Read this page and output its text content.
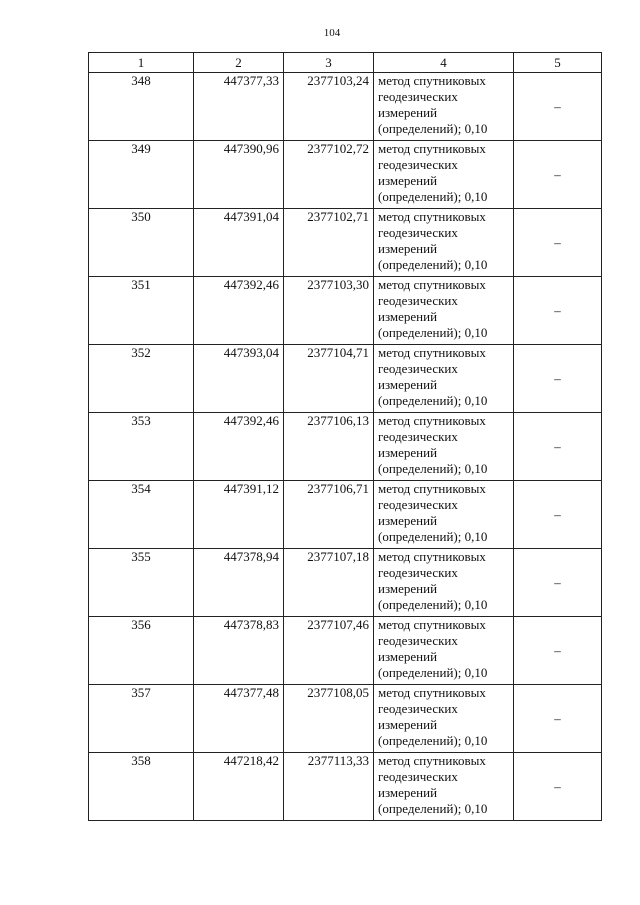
104
1	2	3	4	5
348	447377,33	2377103,24	метод спутниковых геодезических измерений (определений); 0,10	–
349	447390,96	2377102,72	метод спутниковых геодезических измерений (определений); 0,10	–
350	447391,04	2377102,71	метод спутниковых геодезических измерений (определений); 0,10	–
351	447392,46	2377103,30	метод спутниковых геодезических измерений (определений); 0,10	–
352	447393,04	2377104,71	метод спутниковых геодезических измерений (определений); 0,10	–
353	447392,46	2377106,13	метод спутниковых геодезических измерений (определений); 0,10	–
354	447391,12	2377106,71	метод спутниковых геодезических измерений (определений); 0,10	–
355	447378,94	2377107,18	метод спутниковых геодезических измерений (определений); 0,10	–
356	447378,83	2377107,46	метод спутниковых геодезических измерений (определений); 0,10	–
357	447377,48	2377108,05	метод спутниковых геодезических измерений (определений); 0,10	–
358	447218,42	2377113,33	метод спутниковых геодезических измерений (определений); 0,10	–
